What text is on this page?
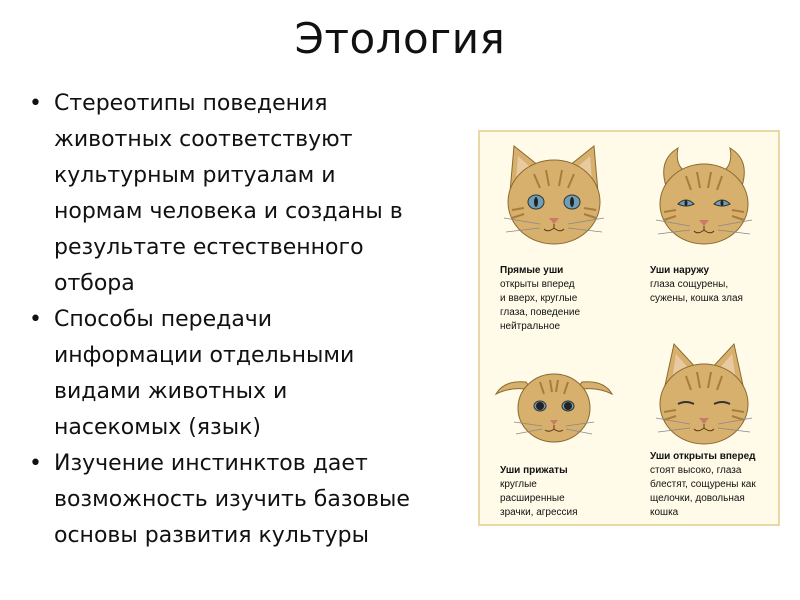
Этология
• Стереотипы поведения

животных соответствуют

культурным ритуалам и

нормам человека и созданы в

результате естественного

отбора

• Способы передачи

информации отдельными

видами животных и

насекомых (язык)

• Изучение инстинктов дает

возможность изучить базовые

основы развития культуры

Прямые уши
открыты вперед
и вверх, круглые
глаза, поведение
нейтральное
Уши наружу
глаза сощурены,
сужены, кошка злая
Уши прижаты
круглые
расширенные
зрачки, агрессия
Уши открыты вперед
стоят высоко, глаза
блестят, сощурены как
щелочки, довольная
кошка
